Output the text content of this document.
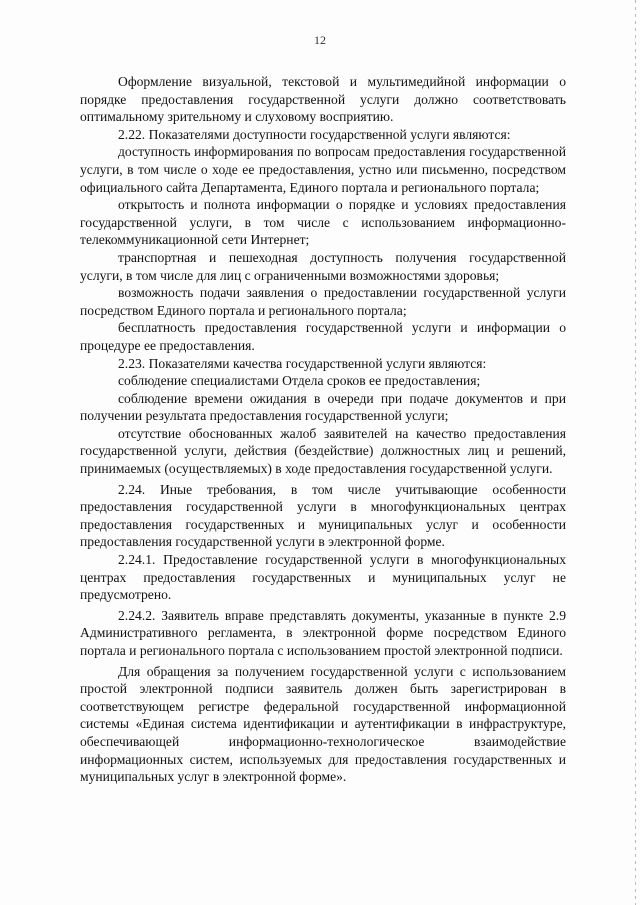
12

Оформление визуальной, текстовой и мультимедийной информации о порядке предоставления государственной услуги должно соответствовать оптимальному зрительному и слуховому восприятию.

2.22. Показателями доступности государственной услуги являются:

доступность информирования по вопросам предоставления государственной услуги, в том числе о ходе ее предоставления, устно или письменно, посредством официального сайта Департамента, Единого портала и регионального портала;

открытость и полнота информации о порядке и условиях предоставления государственной услуги, в том числе с использованием информационно-телекоммуникационной сети Интернет;

транспортная и пешеходная доступность получения государственной услуги, в том числе для лиц с ограниченными возможностями здоровья;

возможность подачи заявления о предоставлении государственной услуги посредством Единого портала и регионального портала;

бесплатность предоставления государственной услуги и информации о процедуре ее предоставления.

2.23. Показателями качества государственной услуги являются:

соблюдение специалистами Отдела сроков ее предоставления;

соблюдение времени ожидания в очереди при подаче документов и при получении результата предоставления государственной услуги;

отсутствие обоснованных жалоб заявителей на качество предоставления государственной услуги, действия (бездействие) должностных лиц и решений, принимаемых (осуществляемых) в ходе предоставления государственной услуги.

2.24. Иные требования, в том числе учитывающие особенности предоставления государственной услуги в многофункциональных центрах предоставления государственных и муниципальных услуг и особенности предоставления государственной услуги в электронной форме.

2.24.1. Предоставление государственной услуги в многофункциональных центрах предоставления государственных и муниципальных услуг не предусмотрено.

2.24.2. Заявитель вправе представлять документы, указанные в пункте 2.9 Административного регламента, в электронной форме посредством Единого портала и регионального портала с использованием простой электронной подписи.

Для обращения за получением государственной услуги с использованием простой электронной подписи заявитель должен быть зарегистрирован в соответствующем регистре федеральной государственной информационной системы «Единая система идентификации и аутентификации в инфраструктуре, обеспечивающей информационно-технологическое взаимодействие информационных систем, используемых для предоставления государственных и муниципальных услуг в электронной форме».
